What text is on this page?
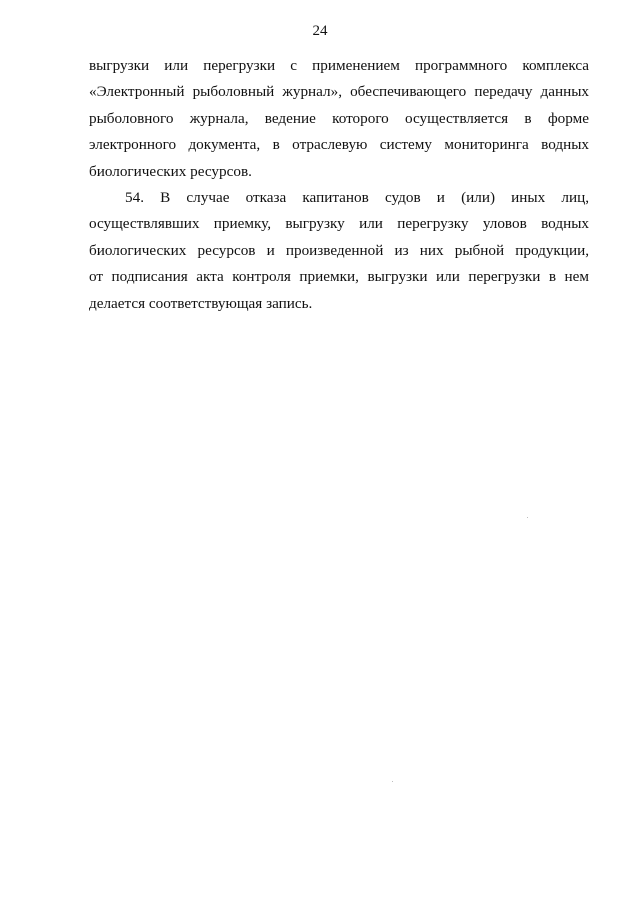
24
выгрузки или перегрузки с применением программного комплекса
«Электронный рыболовный журнал», обеспечивающего передачу данных
рыболовного журнала, ведение которого осуществляется в форме
электронного документа, в отраслевую систему мониторинга водных
биологических ресурсов.
54. В случае отказа капитанов судов и (или) иных лиц,
осуществлявших приемку, выгрузку или перегрузку уловов водных
биологических ресурсов и произведенной из них рыбной продукции,
от подписания акта контроля приемки, выгрузки или перегрузки в нем
делается соответствующая запись.
